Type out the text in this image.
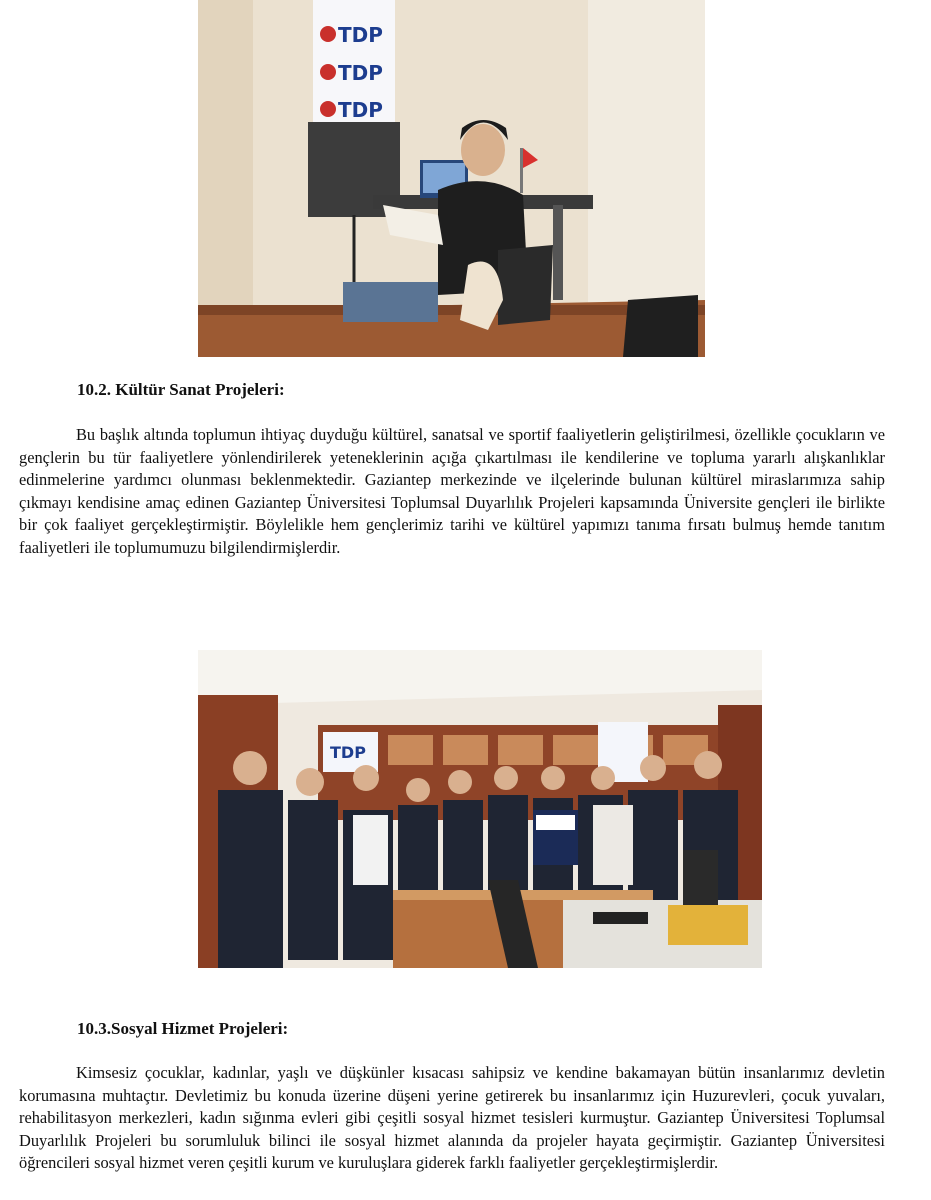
TDP
TDP
TDP
10.2. Kültür Sanat Projeleri:

Bu başlık altında toplumun ihtiyaç duyduğu kültürel, sanatsal ve sportif faaliyetlerin geliştirilmesi, özellikle çocukların ve gençlerin bu tür faaliyetlere yönlendirilerek yeteneklerinin açığa çıkartılması ile kendilerine ve topluma yararlı alışkanlıklar edinmelerine yardımcı olunması beklenmektedir. Gaziantep merkezinde ve ilçelerinde bulunan kültürel miraslarımıza sahip çıkmayı kendisine amaç edinen Gaziantep Üniversitesi Toplumsal Duyarlılık Projeleri kapsamında Üniversite gençleri ile birlikte bir çok faaliyet gerçekleştirmiştir. Böylelikle hem gençlerimiz tarihi ve kültürel yapımızı tanıma fırsatı bulmuş hemde tanıtım faaliyetleri ile toplumumuzu bilgilendirmişlerdir.

TDP
10.3.Sosyal Hizmet Projeleri:

Kimsesiz çocuklar, kadınlar, yaşlı ve düşkünler kısacası sahipsiz ve kendine bakamayan bütün insanlarımız devletin korumasına muhtaçtır. Devletimiz bu konuda üzerine düşeni yerine getirerek bu insanlarımız için Huzurevleri, çocuk yuvaları, rehabilitasyon merkezleri, kadın sığınma evleri gibi çeşitli sosyal hizmet tesisleri kurmuştur. Gaziantep Üniversitesi Toplumsal Duyarlılık Projeleri bu sorumluluk bilinci ile sosyal hizmet alanında da projeler hayata geçirmiştir. Gaziantep Üniversitesi öğrencileri sosyal hizmet veren çeşitli kurum ve kuruluşlara giderek farklı faaliyetler gerçekleştirmişlerdir.
